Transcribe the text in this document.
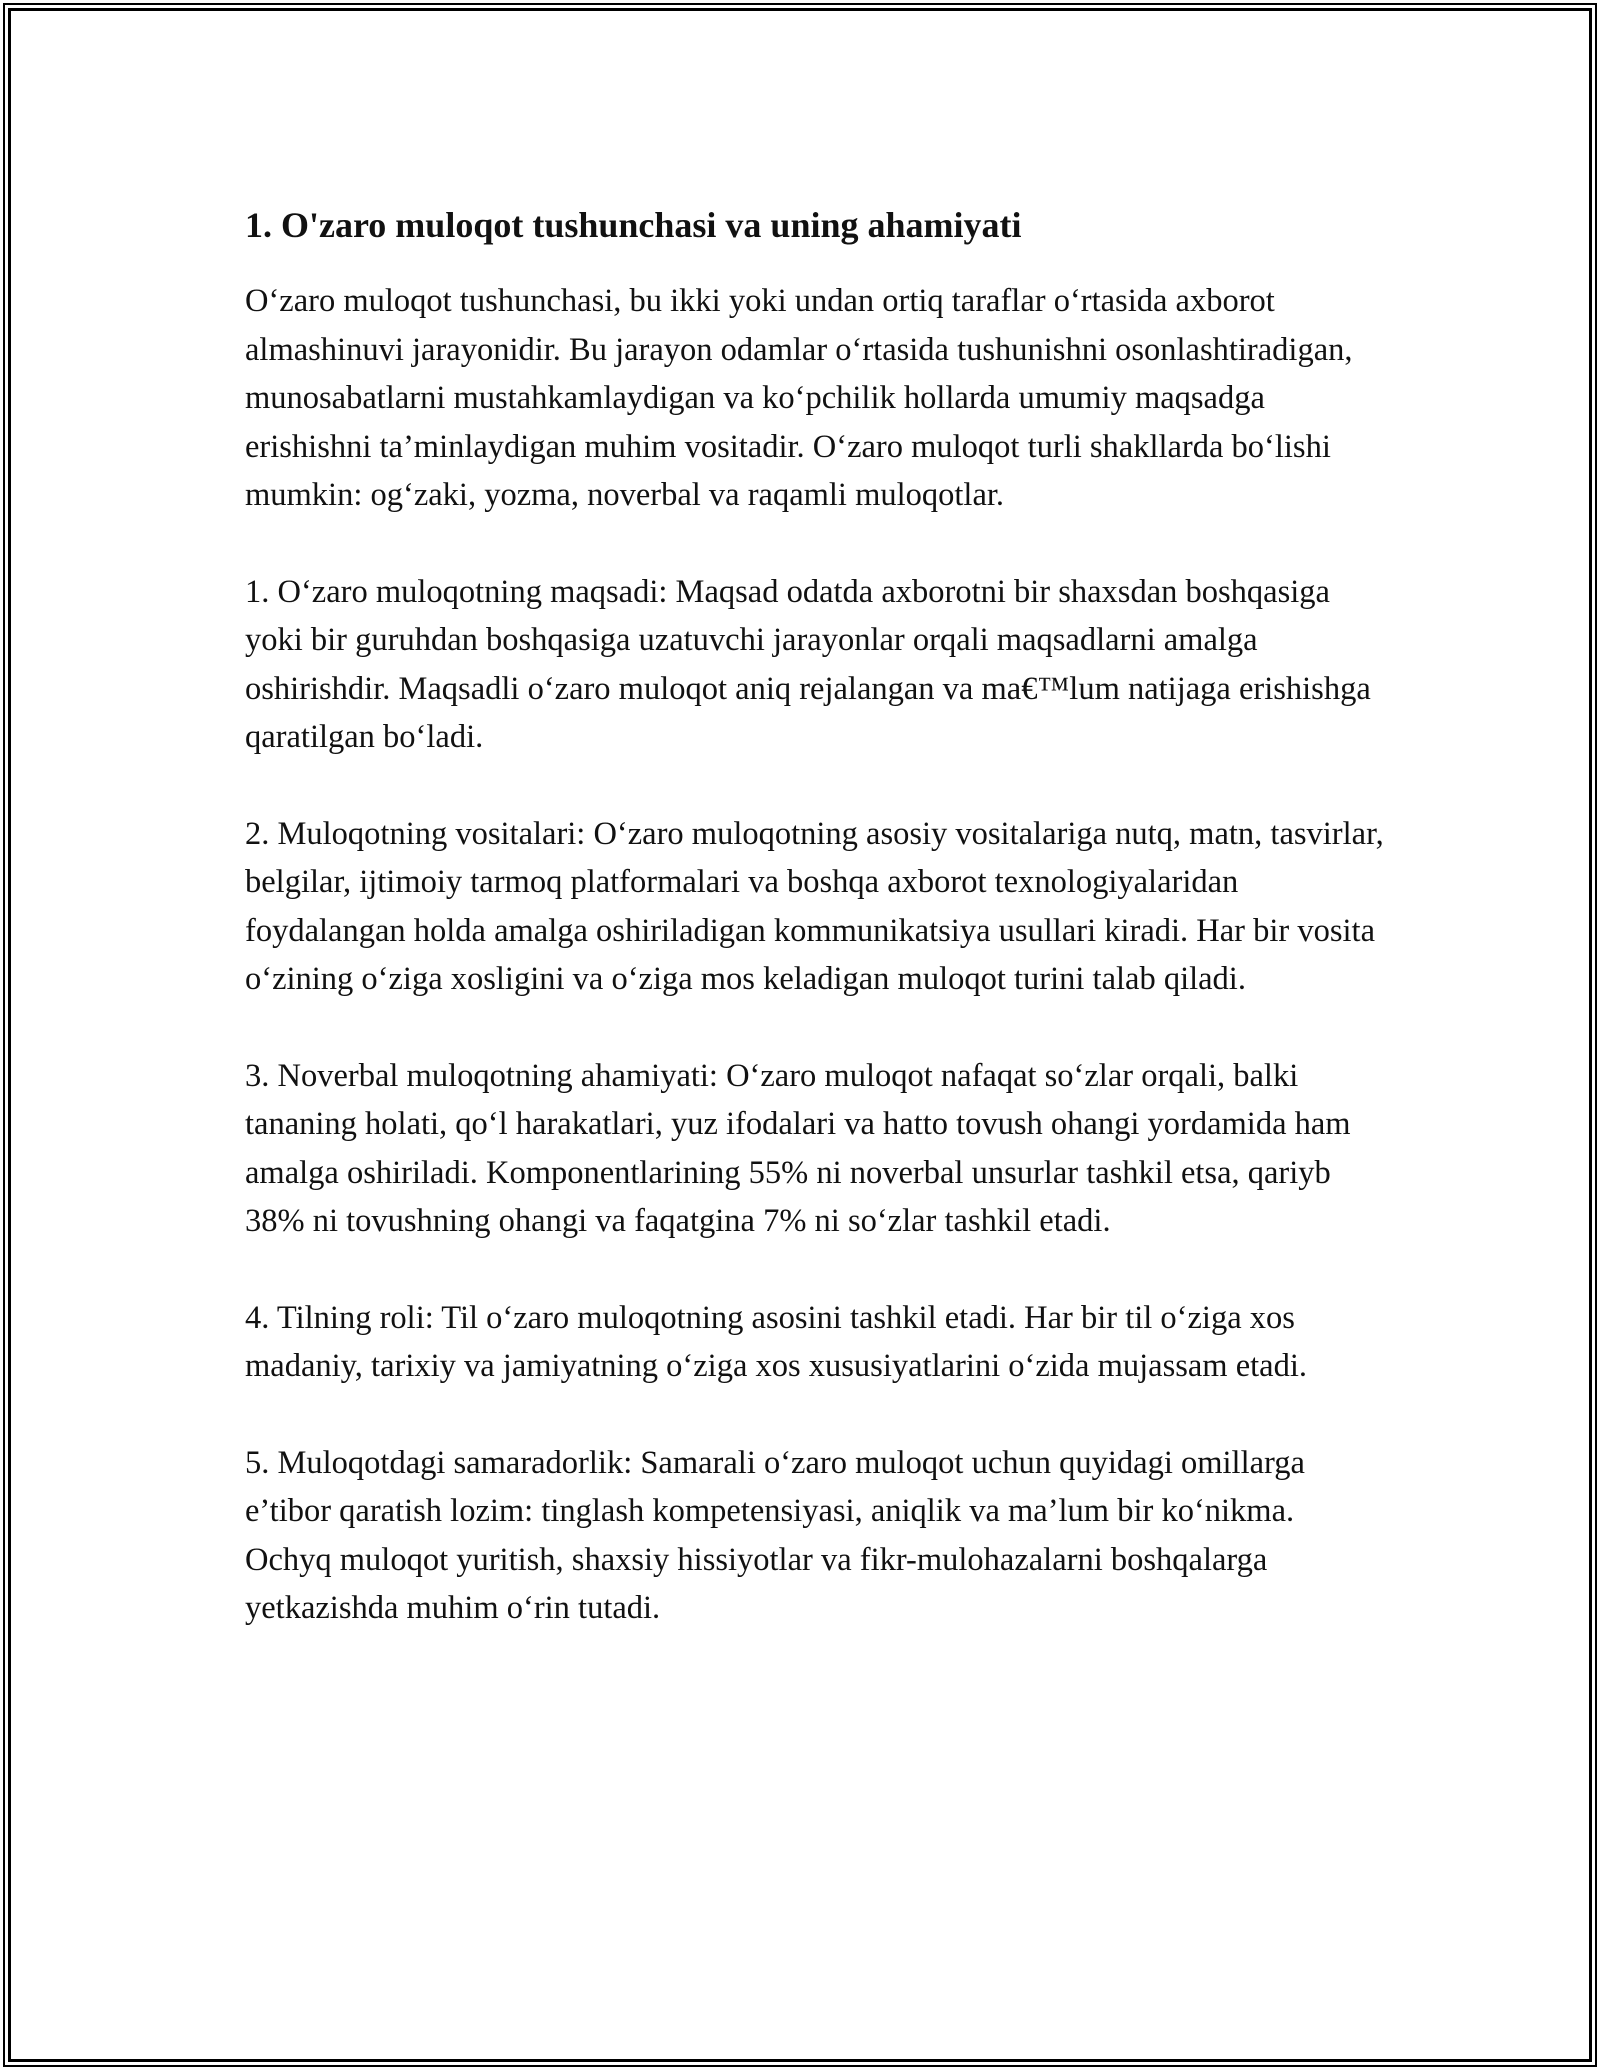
1. O'zaro muloqot tushunchasi va uning ahamiyati

O‘zaro muloqot tushunchasi, bu ikki yoki undan ortiq taraflar o‘rtasida axborot almashinuvi jarayonidir. Bu jarayon odamlar o‘rtasida tushunishni osonlashtiradigan, munosabatlarni mustahkamlaydigan va ko‘pchilik hollarda umumiy maqsadga erishishni ta’minlaydigan muhim vositadir. O‘zaro muloqot turli shakllarda bo‘lishi mumkin: og‘zaki, yozma, noverbal va raqamli muloqotlar.

1. O‘zaro muloqotning maqsadi: Maqsad odatda axborotni bir shaxsdan boshqasiga yoki bir guruhdan boshqasiga uzatuvchi jarayonlar orqali maqsadlarni amalga oshirishdir. Maqsadli o‘zaro muloqot aniq rejalangan va ma€™lum natijaga erishishga qaratilgan bo‘ladi.

2. Muloqotning vositalari: O‘zaro muloqotning asosiy vositalariga nutq, matn, tasvirlar, belgilar, ijtimoiy tarmoq platformalari va boshqa axborot texnologiyalaridan foydalangan holda amalga oshiriladigan kommunikatsiya usullari kiradi. Har bir vosita o‘zining o‘ziga xosligini va o‘ziga mos keladigan muloqot turini talab qiladi.

3. Noverbal muloqotning ahamiyati: O‘zaro muloqot nafaqat so‘zlar orqali, balki tananing holati, qo‘l harakatlari, yuz ifodalari va hatto tovush ohangi yordamida ham amalga oshiriladi. Komponentlarining 55% ni noverbal unsurlar tashkil etsa, qariyb 38% ni tovushning ohangi va faqatgina 7% ni so‘zlar tashkil etadi.

4. Tilning roli: Til o‘zaro muloqotning asosini tashkil etadi. Har bir til o‘ziga xos madaniy, tarixiy va jamiyatning o‘ziga xos xususiyatlarini o‘zida mujassam etadi.

5. Muloqotdagi samaradorlik: Samarali o‘zaro muloqot uchun quyidagi omillarga e’tibor qaratish lozim: tinglash kompetensiyasi, aniqlik va ma’lum bir ko‘nikma. Ochyq muloqot yuritish, shaxsiy hissiyotlar va fikr-mulohazalarni boshqalarga yetkazishda muhim o‘rin tutadi.
